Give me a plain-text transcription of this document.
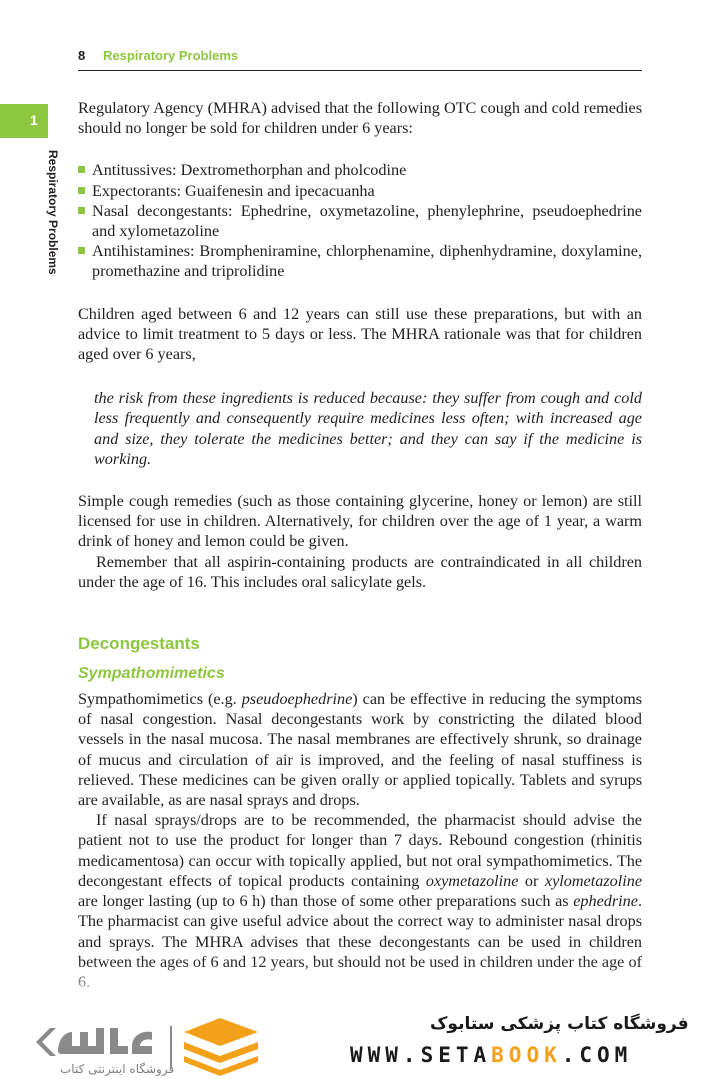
8 Respiratory Problems
1
Respiratory Problems

Regulatory Agency (MHRA) advised that the following OTC cough and cold remedies should no longer be sold for children under 6 years:

Antitussives: Dextromethorphan and pholcodine
Expectorants: Guaifenesin and ipecacuanha
Nasal decongestants: Ephedrine, oxymetazoline, phenylephrine, pseudoephedrine and xylometazoline
Antihistamines: Brompheniramine, chlorphenamine, diphenhydramine, doxylamine, promethazine and triprolidine

Children aged between 6 and 12 years can still use these preparations, but with an advice to limit treatment to 5 days or less. The MHRA rationale was that for children aged over 6 years,

the risk from these ingredients is reduced because: they suffer from cough and cold less frequently and consequently require medicines less often; with increased age and size, they tolerate the medicines better; and they can say if the medicine is working.

Simple cough remedies (such as those containing glycerine, honey or lemon) are still licensed for use in children. Alternatively, for children over the age of 1 year, a warm drink of honey and lemon could be given.

Remember that all aspirin-containing products are contraindicated in all children under the age of 16. This includes oral salicylate gels.

Decongestants
Sympathomimetics

Sympathomimetics (e.g. pseudoephedrine) can be effective in reducing the symptoms of nasal congestion. Nasal decongestants work by constricting the dilated blood vessels in the nasal mucosa. The nasal membranes are effectively shrunk, so drainage of mucus and circulation of air is improved, and the feeling of nasal stuffiness is relieved. These medicines can be given orally or applied topically. Tablets and syrups are available, as are nasal sprays and drops.

If nasal sprays/drops are to be recommended, the pharmacist should advise the patient not to use the product for longer than 7 days. Rebound congestion (rhinitis medicamentosa) can occur with topically applied, but not oral sympathomimetics. The decongestant effects of topical products containing oxymetazoline or xylometazoline are longer lasting (up to 6 h) than those of some other preparations such as ephedrine. The pharmacist can give useful advice about the correct way to administer nasal drops and sprays. The MHRA advises that these decongestants can be used in children between the ages of 6 and 12 years, but should not be used in children under the age of 6.

فروشگاه اینترنتی کتاب
فروشگاه کتاب پزشکی ستابوک
WWW.SETABOOK.COM
